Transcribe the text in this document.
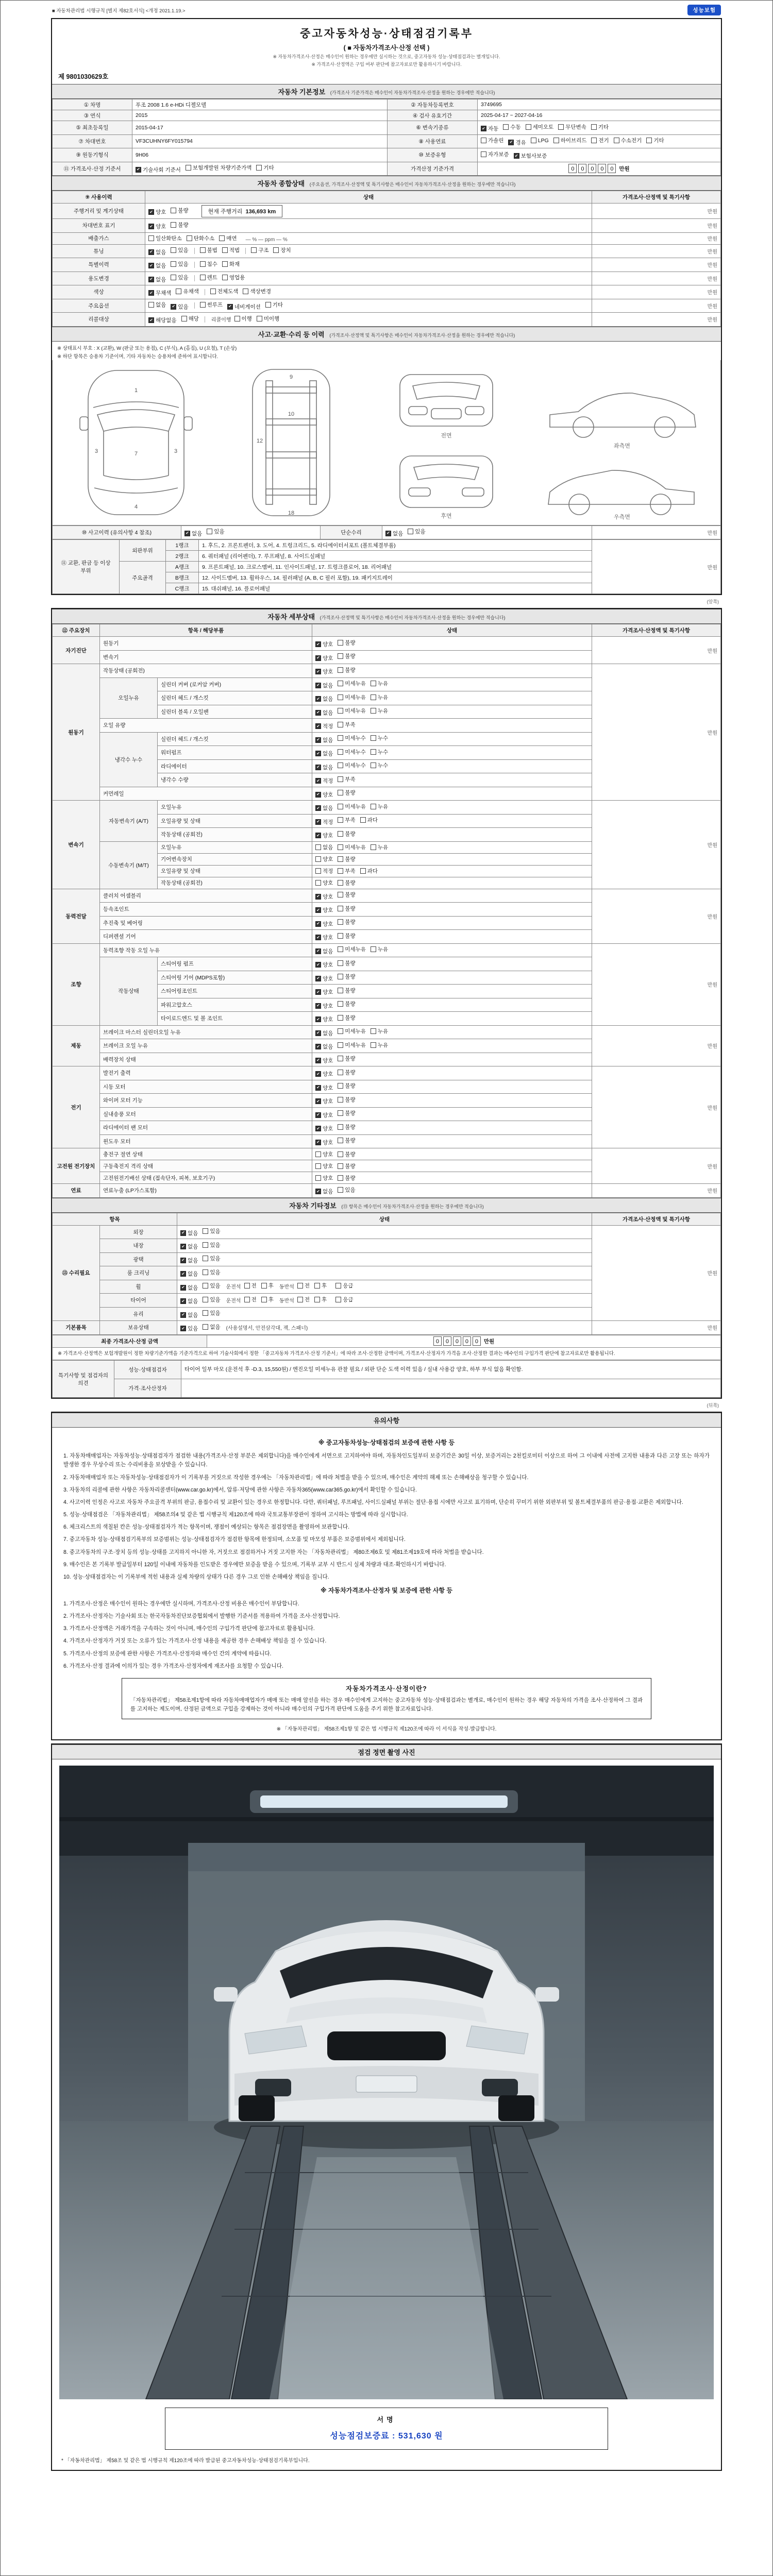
■ 자동차관리법 시행규칙 [별지 제82호서식] <개정 2021.1.19.>	성능보험
중고자동차성능·상태점검기록부
( ■ 자동차가격조사·산정 선택 )
※ 자동차가격조사·산정은 매수인이 원하는 경우에만 실시하는 것으로, 중고자동차 성능·상태점검과는 별개입니다.
※ 가격조사·산정액은 구입 여부 판단에 참고자료로만 활용하시기 바랍니다.
제 9801030629호
자동차 기본정보 (가격조사 기준가격은 매수인이 자동차가격조사·산정을 원하는 경우에만 적습니다)
① 차명	푸조 2008 1.6 e-HDi 디젤모델	② 자동차등록번호	3749695
③ 연식	2015	④ 검사 유효기간	2025-04-17 ~ 2027-04-16
⑤ 최초등록일	2015-04-17	⑥ 변속기종류	✔ 자동 수동 세미오토 무단변속 기타

⑦ 차대번호	VF3CUHNY6FY015794	⑧ 사용연료	가솔린 ✔ 경유 LPG 하이브리드 전기 수소전기 기타

⑨ 원동기형식	9H06	⑩ 보증유형	자가보증 ✔ 보험사보증

⑪ 가격조사·산정 기준서	✔ 기술사회 기준서 보험개발원 차량기준가액 기타	가격산정 기준가격	0 0 0 0 0 만원
자동차 종합상태 (주요옵션, 가격조사·산정액 및 특기사항은 매수인이 자동차가격조사·산정을 원하는 경우에만 적습니다)
⑨ 사용이력	상태	가격조사·산정액 및 특기사항
주행거리 및 계기상태	✔ 양호 불량 현재 주행거리  136,693 km	만원

차대번호 표기	✔ 양호 불량	만원

배출가스	일산화탄소 탄화수소 매연 — % — ppm — %	만원

튜닝	✔ 없음 있음	불법 적법	구조 장치	만원

특별이력	✔ 없음 있음 침수 화재	만원

용도변경	✔ 없음 있음 렌트 영업용	만원

색상	✔ 무채색 유채색 전체도색 색상변경	만원

주요옵션	없음 ✔ 있음	썬루프 ✔ 네비게이션 기타	만원

리콜대상	✔ 해당없음 해당 리콜이행 이행 미이행	만원
사고·교환·수리 등 이력 (가격조사·산정액 및 특기사항은 매수인이 자동차가격조사·산정을 원하는 경우에만 적습니다)
※ 상태표시 부호 : X (교환), W (판금 또는 용접), C (부식), A (흠집), U (요철), T (손상)
※ 하단 항목은 승용차 기준이며, 기타 자동차는 승용차에 준하여 표시합니다.
1
7
4
3	3
9
10
12
18
전면
후면
좌측면
우측면
⑩ 사고이력 (유의사항 4 참조)	✔ 없음 있음	단순수리	✔ 없음 있음	만원
⑪ 교환, 판금 등 이상 부위	외판부위	1랭크	1. 후드, 2. 프론트펜더, 3. 도어, 4. 트렁크리드, 5. 라디에이터서포트 (볼트체결부품)	만원

		2랭크	6. 쿼터패널 (리어펜더), 7. 루프패널, 8. 사이드실패널	
	주요골격	A랭크	9. 프론트패널, 10. 크로스멤버, 11. 인사이드패널, 17. 트렁크플로어, 18. 리어패널	
		B랭크	12. 사이드멤버, 13. 휠하우스, 14. 필러패널 (A, B, C 필러 포함), 19. 패키지트레이	
		C랭크	15. 대쉬패널, 16. 플로어패널	
(앞쪽)
자동차 세부상태 (가격조사·산정액 및 특기사항은 매수인이 자동차가격조사·산정을 원하는 경우에만 적습니다)
⑫ 주요장치	항목 / 해당부품		상태	가격조사·산정액 및 특기사항
자기진단	원동기		✔ 양호 불량	만원

	변속기		✔ 양호 불량	

원동기	작동상태 (공회전)		✔ 양호 불량	만원

	오일누유	실린더 커버 (로커암 커버)	✔ 없음 미세누유 누유	

		실린더 헤드 / 개스킷	✔ 없음 미세누유 누유	

		실린더 블록 / 오일팬	✔ 없음 미세누유 누유	

	오일 유량		✔ 적정 부족	

	냉각수 누수	실린더 헤드 / 개스킷	✔ 없음 미세누수 누수	

		워터펌프	✔ 없음 미세누수 누수	

		라디에이터	✔ 없음 미세누수 누수	

		냉각수 수량	✔ 적정 부족	

	커먼레일		✔ 양호 불량	

변속기	자동변속기 (A/T)	오일누유	✔ 없음 미세누유 누유	만원

		오일유량 및 상태	✔ 적정 부족 과다	

		작동상태 (공회전)	✔ 양호 불량	

	수동변속기 (M/T)	오일누유	없음 미세누유 누유	

		기어변속장치	양호 불량	

		오일유량 및 상태	적정 부족 과다	

		작동상태 (공회전)	양호 불량	

동력전달	클러치 어셈블리		✔ 양호 불량	만원

	등속조인트		✔ 양호 불량	

	추진축 및 베어링		✔ 양호 불량	

	디퍼렌셜 기어		✔ 양호 불량	

조향	동력조향 작동 오일 누유		✔ 없음 미세누유 누유	만원

	작동상태	스티어링 펌프	✔ 양호 불량	

		스티어링 기어 (MDPS포함)	✔ 양호 불량	

		스티어링조인트	✔ 양호 불량	

		파워고압호스	✔ 양호 불량	

		타이로드엔드 및 볼 조인트	✔ 양호 불량	

제동	브레이크 마스터 실린더오일 누유		✔ 없음 미세누유 누유	만원

	브레이크 오일 누유		✔ 없음 미세누유 누유	

	배력장치 상태		✔ 양호 불량	

전기	발전기 출력		✔ 양호 불량	만원

	시동 모터		✔ 양호 불량	

	와이퍼 모터 기능		✔ 양호 불량	

	실내송풍 모터		✔ 양호 불량	

	라디에이터 팬 모터		✔ 양호 불량	

	윈도우 모터		✔ 양호 불량	

고전원 전기장치	충전구 절연 상태		양호 불량	만원

	구동축전지 격리 상태		양호 불량	

	고전원전기배선 상태 (접속단자, 피복, 보호기구)		양호 불량	

연료	연료누출 (LP가스포함)		✔ 없음 있음	만원
자동차 기타정보 (⑬ 항목은 매수인이 자동차가격조사·산정을 원하는 경우에만 적습니다)
항목		상태	가격조사·산정액 및 특기사항
⑬ 수리필요	외장	✔ 없음 있음	만원

	내장	✔ 없음 있음	

	광택	✔ 없음 있음	

	룸 크리닝	✔ 없음 있음	

휠	✔ 없음 있음 운전석 전 후 동반석 전 후	응급

타이어	✔ 없음 있음 운전석 전 후 동반석 전 후	응급

	유리	✔ 없음 있음	

기본품목	보유상태	✔ 있음 없음 (사용설명서, 안전삼각대, 잭, 스패너)	만원
최종 가격조사·산정 금액	0 0 0 0 0 만원
※ 가격조사·산정액은 보험개발원이 정한 차량기준가액을 기준가격으로 하여 기술사회에서 정한 「중고자동차 가격조사·산정 기준서」에 따라 조사·산정한 금액이며, 가격조사·산정자가 가격을 조사·산정한 결과는 매수인의 구입가격 판단에 참고자료로만 활용됩니다.
특기사항 및 점검자의 의견	성능·상태점검자	타이어 일부 마모 (운전석 후 -D.3, 15,550원) / 엔진오일 미세누유 관찰 필요 / 외판 단순 도색 이력 있음 / 실내 사용감 양호, 하부 부식 없음 확인함.
	가격·조사산정자	
(뒤쪽)
유의사항
※ 중고자동차성능·상태점검의 보증에 관한 사항 등
1. 자동차매매업자는 자동차성능·상태점검자가 점검한 내용(가격조사·산정 부분은 제외합니다)을 매수인에게 서면으로 고지하여야 하며, 자동차인도일부터 보증기간은 30일 이상, 보증거리는 2천킬로미터 이상으로 하여 그 이내에 사전에 고지한 내용과 다른 고장 또는 하자가 발생한 경우 무상수리 또는 수리비용을 보상받을 수 있습니다.
2. 자동차매매업자 또는 자동차성능·상태점검자가 이 기록부를 거짓으로 작성한 경우에는 「자동차관리법」에 따라 처벌을 받을 수 있으며, 매수인은 계약의 해제 또는 손해배상을 청구할 수 있습니다.
3. 자동차의 리콜에 관한 사항은 자동차리콜센터(www.car.go.kr)에서, 압류·저당에 관한 사항은 자동차365(www.car365.go.kr)에서 확인할 수 있습니다.
4. 사고이력 인정은 사고로 자동차 주요골격 부위의 판금, 용접수리 및 교환이 있는 경우로 한정합니다. 다만, 쿼터패널, 루프패널, 사이드실패널 부위는 절단·용접 시에만 사고로 표기하며, 단순히 꾸미기 위한 외판부위 및 볼트체결부품의 판금·용접·교환은 제외합니다.
5. 성능·상태점검은 「자동차관리법」 제58조의4 및 같은 법 시행규칙 제120조에 따라 국토교통부장관이 정하여 고시하는 방법에 따라 실시합니다.
6. 체크리스트의 색칠된 칸은 성능·상태점검자가 적는 항목이며, 쟁점이 예상되는 항목은 점검장면을 촬영하여 보관합니다.
7. 중고자동차 성능·상태점검기록부의 보증범위는 성능·상태점검자가 점검한 항목에 한정되며, 소모품 및 마모성 부품은 보증범위에서 제외됩니다.
8. 중고자동차의 구조·장치 등의 성능·상태를 고지하지 아니한 자, 거짓으로 점검하거나 거짓 고지한 자는 「자동차관리법」 제80조제6호 및 제81조제19호에 따라 처벌을 받습니다.
9. 매수인은 본 기록부 발급일부터 120일 이내에 자동차를 인도받은 경우에만 보증을 받을 수 있으며, 기록부 교부 시 반드시 실제 차량과 대조·확인하시기 바랍니다.
10. 성능·상태점검자는 이 기록부에 적힌 내용과 실제 차량의 상태가 다른 경우 그로 인한 손해배상 책임을 집니다.
※ 자동차가격조사·산정자 및 보증에 관한 사항 등
1. 가격조사·산정은 매수인이 원하는 경우에만 실시하며, 가격조사·산정 비용은 매수인이 부담합니다.
2. 가격조사·산정자는 기술사회 또는 한국자동차진단보증협회에서 발행한 기준서를 적용하여 가격을 조사·산정합니다.
3. 가격조사·산정액은 거래가격을 구속하는 것이 아니며, 매수인의 구입가격 판단에 참고자료로 활용됩니다.
4. 가격조사·산정자가 거짓 또는 오류가 있는 가격조사·산정 내용을 제공한 경우 손해배상 책임을 질 수 있습니다.
5. 가격조사·산정의 보증에 관한 사항은 가격조사·산정자와 매수인 간의 계약에 따릅니다.
6. 가격조사·산정 결과에 이의가 있는 경우 가격조사·산정자에게 재조사를 요청할 수 있습니다.
자동차가격조사·산정이란?
「자동차관리법」 제58조제1항에 따라 자동차매매업자가 매매 또는 매매 알선을 하는 경우 매수인에게 고지하는 중고자동차 성능·상태점검과는 별개로, 매수인이 원하는 경우 해당 자동차의 가격을 조사·산정하여 그 결과를 고지하는 제도이며, 산정된 금액으로 구입을 강제하는 것이 아니라 매수인의 구입가격 판단에 도움을 주기 위한 참고자료입니다.
※ 「자동차관리법」 제58조제1항 및 같은 법 시행규칙 제120조에 따라 이 서식을 작성·발급합니다.
점검 정면 촬영 사진
서명
성능점검보증료 : 531,630 원
* 「자동차관리법」 제58조 및 같은 법 시행규칙 제120조에 따라 발급된 중고자동차성능·상태점검기록부입니다.
